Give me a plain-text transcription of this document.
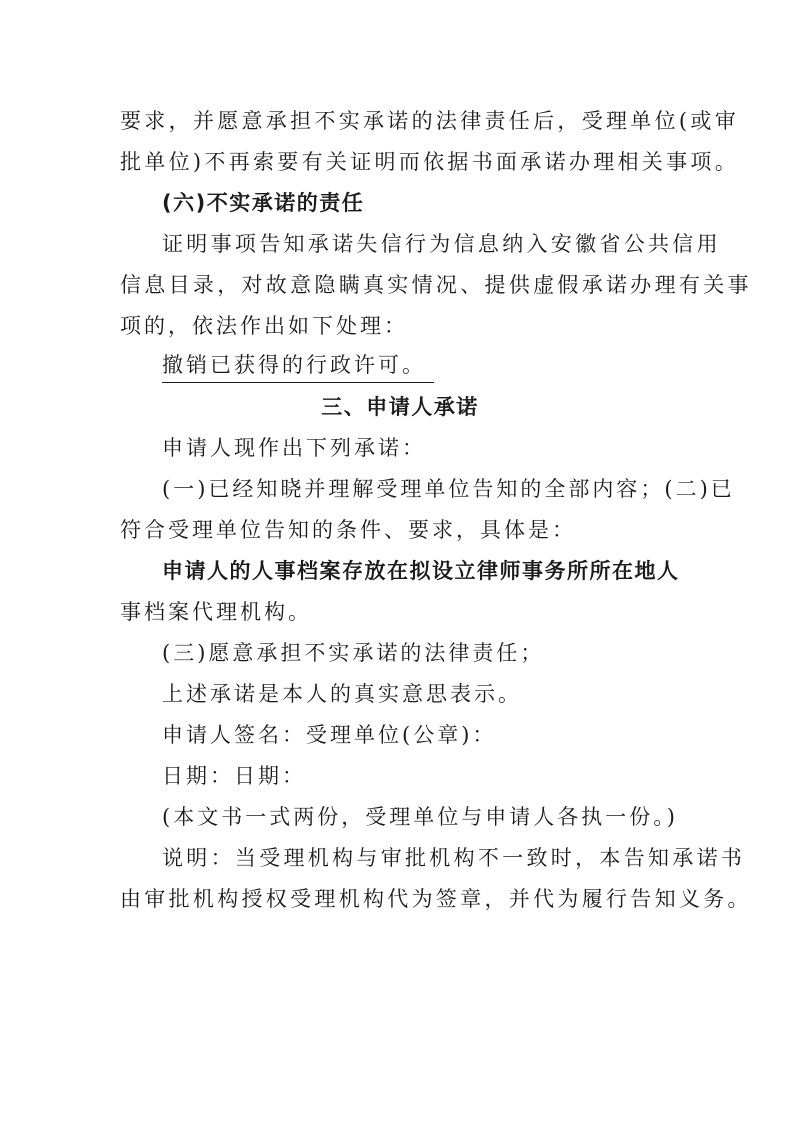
要求，并愿意承担不实承诺的法律责任后，受理单位(或审
批单位)不再索要有关证明而依据书面承诺办理相关事项。
(六)不实承诺的责任
证明事项告知承诺失信行为信息纳入安徽省公共信用
信息目录，对故意隐瞒真实情况、提供虚假承诺办理有关事
项的，依法作出如下处理：
撤销已获得的行政许可。
三、申请人承诺
申请人现作出下列承诺：
(一)已经知晓并理解受理单位告知的全部内容；(二)已
符合受理单位告知的条件、要求，具体是：
申请人的人事档案存放在拟设立律师事务所所在地人
事档案代理机构。
(三)愿意承担不实承诺的法律责任；
上述承诺是本人的真实意思表示。
申请人签名：受理单位(公章)：
日期：日期：
(本文书一式两份，受理单位与申请人各执一份。)
说明：当受理机构与审批机构不一致时，本告知承诺书
由审批机构授权受理机构代为签章，并代为履行告知义务。
